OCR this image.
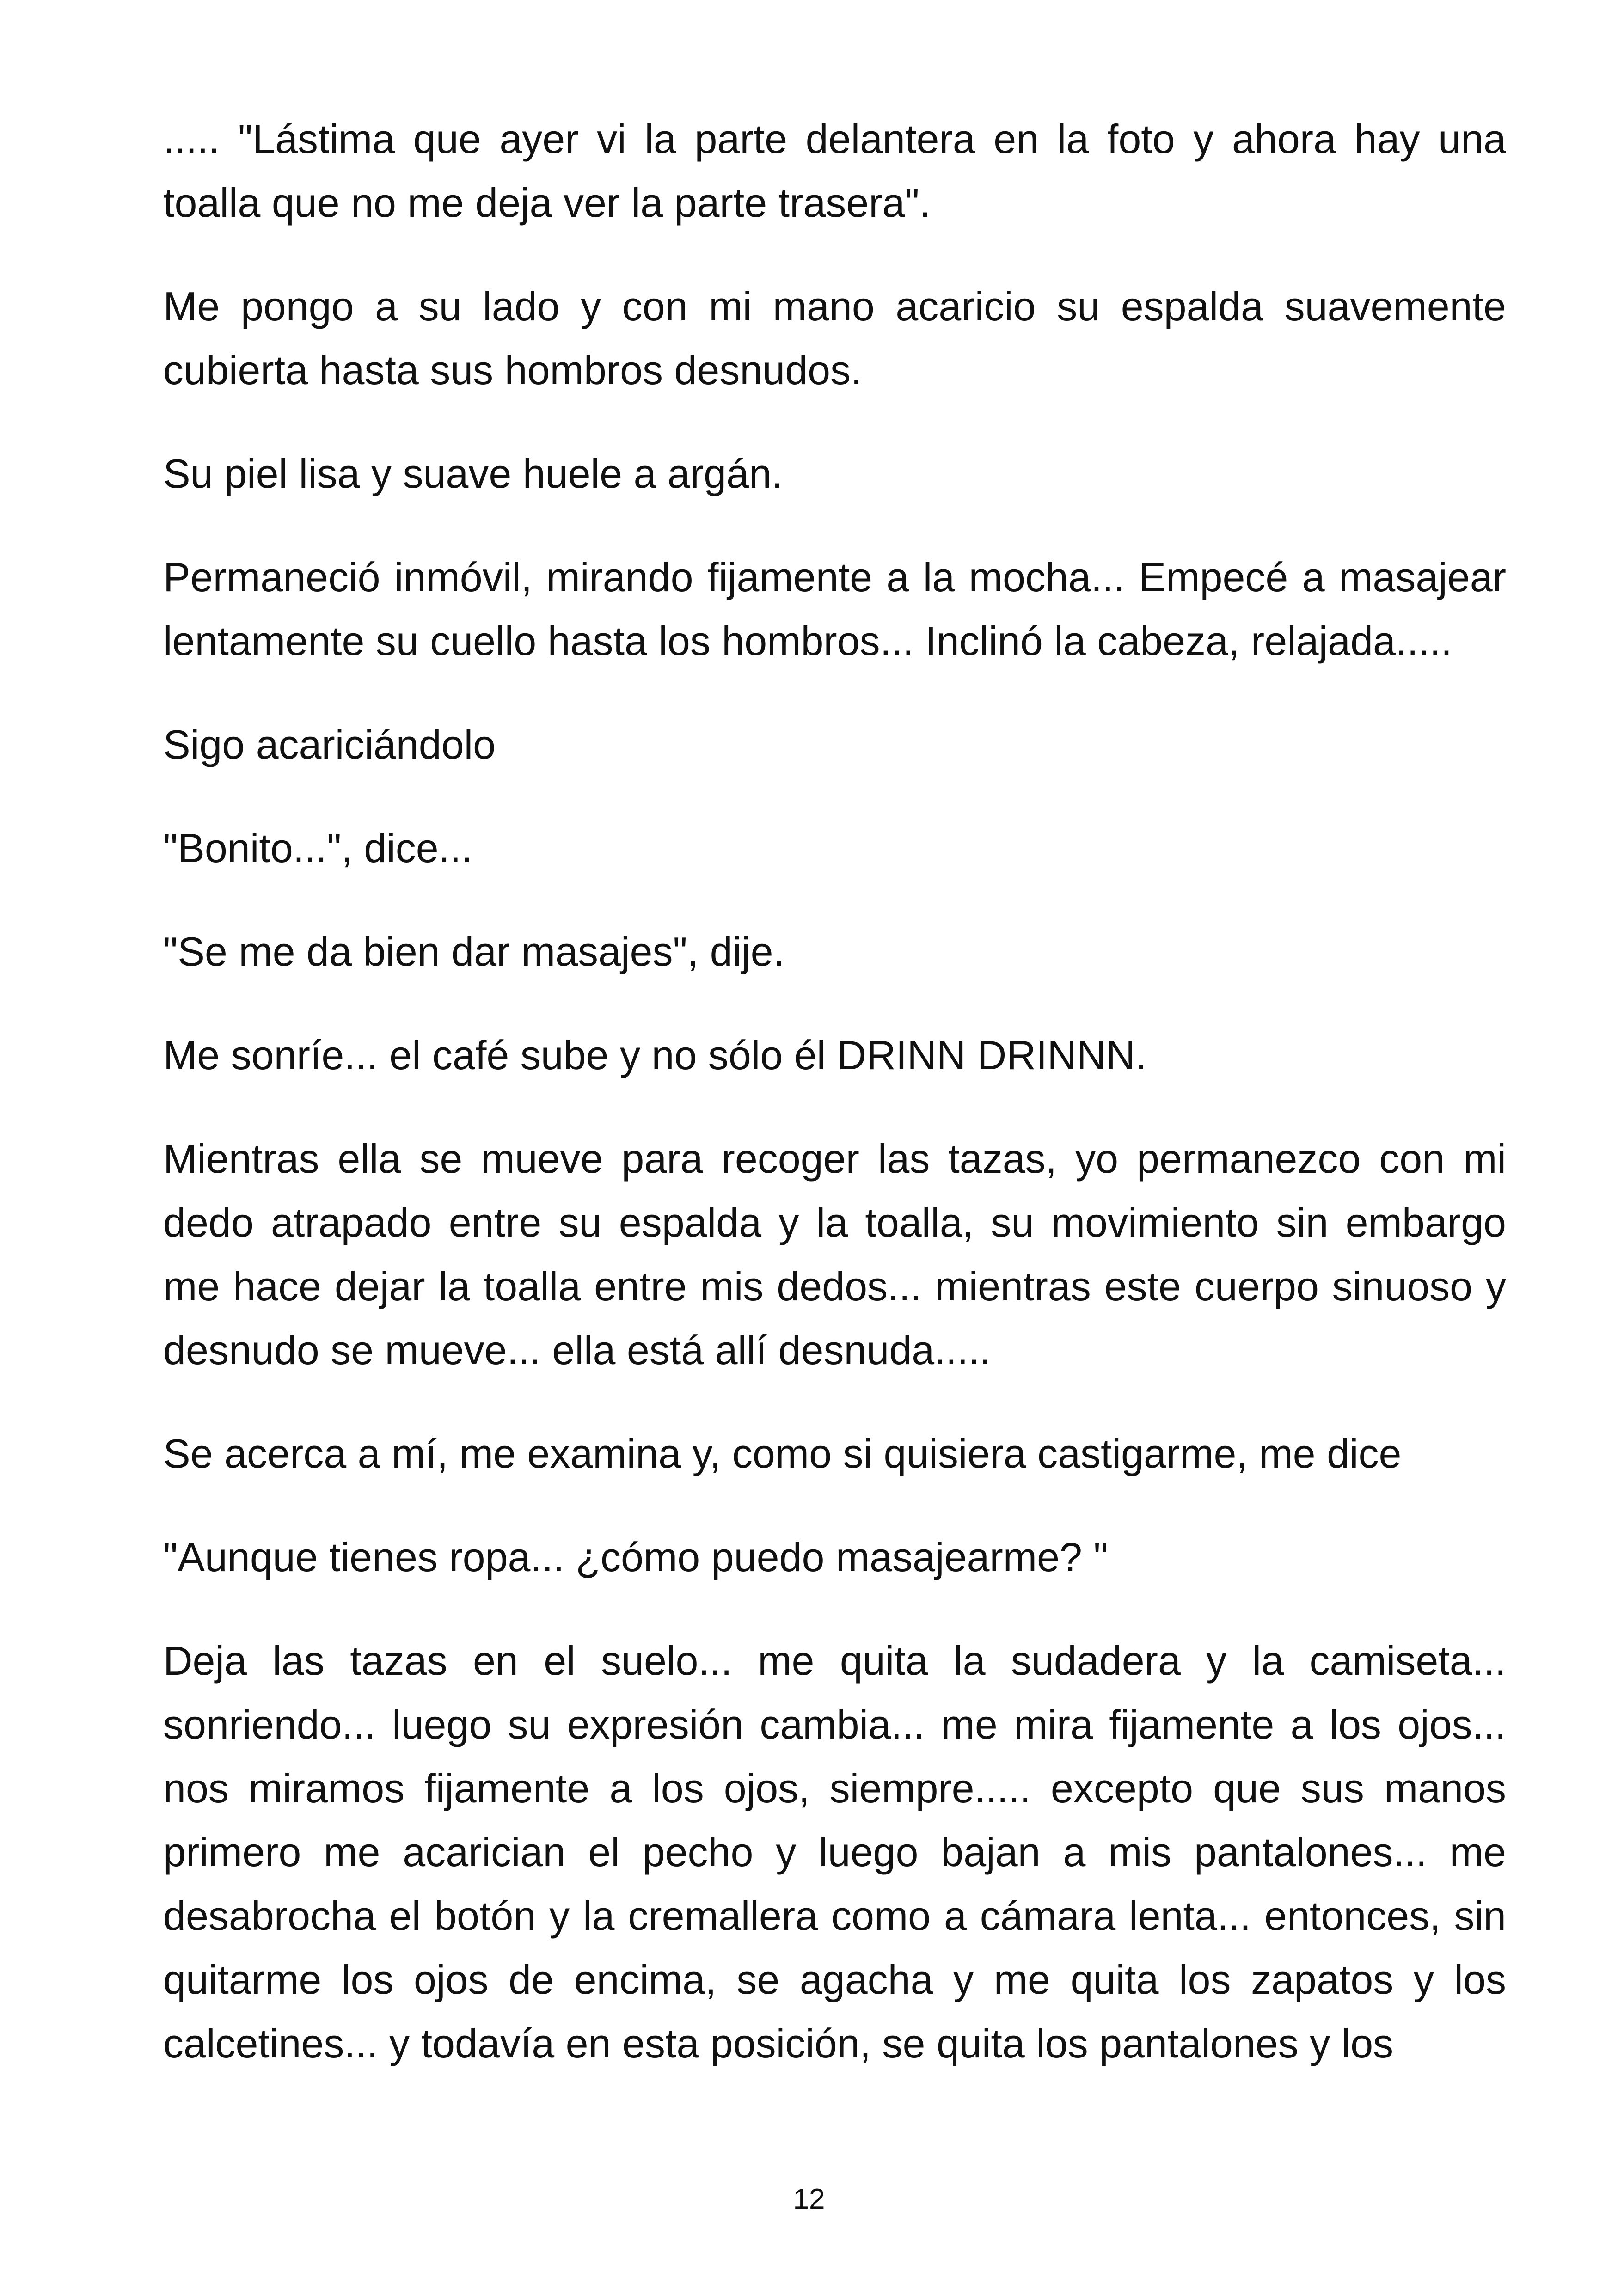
..... "Lástima que ayer vi la parte delantera en la foto y ahora hay una toalla que no me deja ver la parte trasera".

Me pongo a su lado y con mi mano acaricio su espalda suavemente cubierta hasta sus hombros desnudos.

Su piel lisa y suave huele a argán.

Permaneció inmóvil, mirando fijamente a la mocha... Empecé a masajear lentamente su cuello hasta los hombros... Inclinó la cabeza, relajada.....

Sigo acariciándolo

"Bonito...", dice...

"Se me da bien dar masajes", dije.

Me sonríe... el café sube y no sólo él DRINN DRINNN.

Mientras ella se mueve para recoger las tazas, yo permanezco con mi dedo atrapado entre su espalda y la toalla, su movimiento sin embargo me hace dejar la toalla entre mis dedos... mientras este cuerpo sinuoso y desnudo se mueve... ella está allí desnuda.....

Se acerca a mí, me examina y, como si quisiera castigarme, me dice

"Aunque tienes ropa... ¿cómo puedo masajearme? "

Deja las tazas en el suelo... me quita la sudadera y la camiseta... sonriendo... luego su expresión cambia... me mira fijamente a los ojos... nos miramos fijamente a los ojos, siempre..... excepto que sus manos primero me acarician el pecho y luego bajan a mis pantalones... me desabrocha el botón y la cremallera como a cámara lenta... entonces, sin quitarme los ojos de encima, se agacha y me quita los zapatos y los calcetines... y todavía en esta posición, se quita los pantalones y los

12
